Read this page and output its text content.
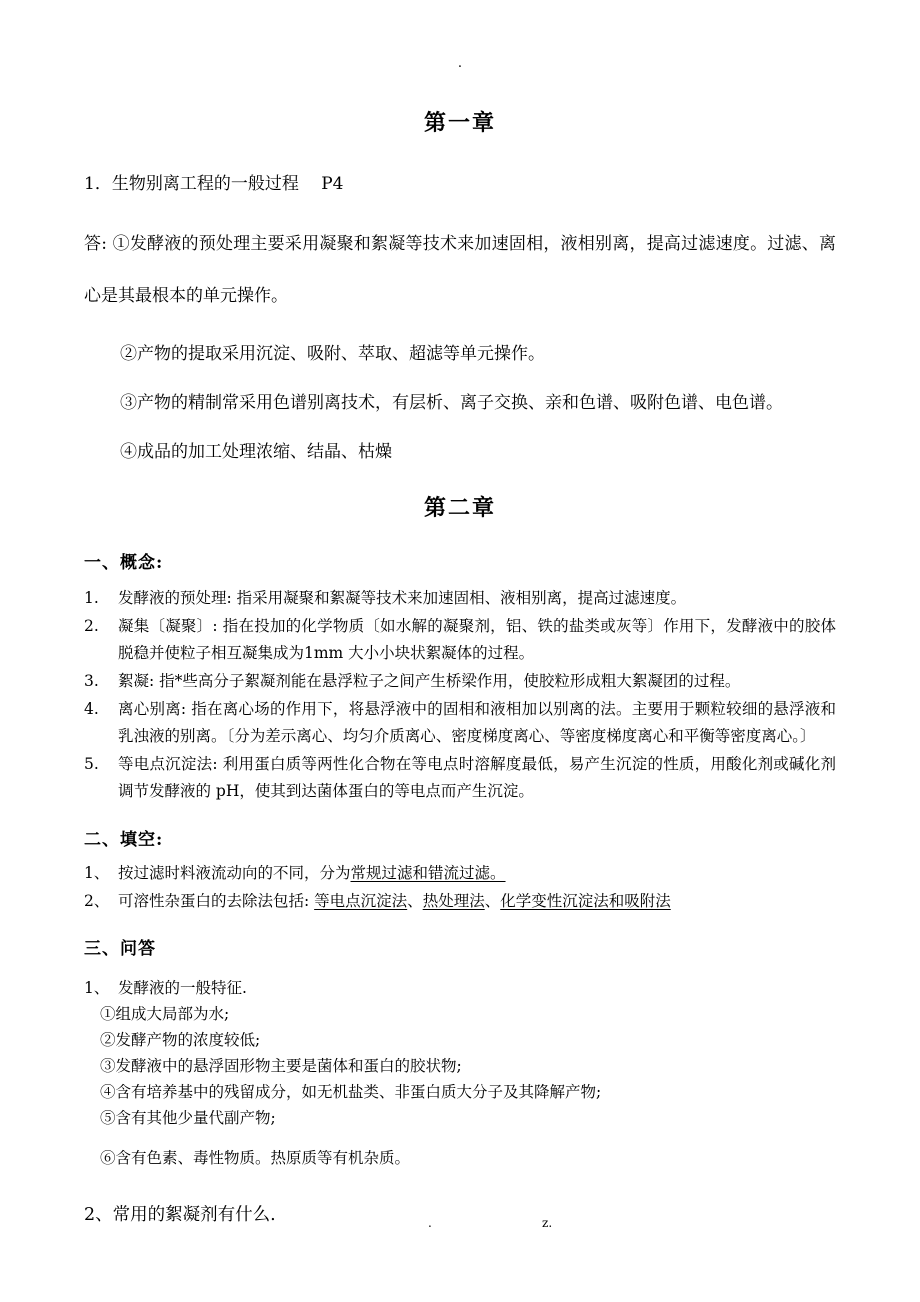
.
第一章
1．生物别离工程的一般过程　 P4
答: ①发酵液的预处理主要采用凝聚和絮凝等技术来加速固相，液相别离，提高过滤速度。过滤、离心是其最根本的单元操作。
②产物的提取采用沉淀、吸附、萃取、超滤等单元操作。
③产物的精制常采用色谱别离技术，有层析、离子交换、亲和色谱、吸附色谱、电色谱。
④成品的加工处理浓缩、结晶、枯燥
第二章
一、概念:
1.	发酵液的预处理: 指采用凝聚和絮凝等技术来加速固相、液相别离，提高过滤速度。
2.	凝集〔凝聚〕: 指在投加的化学物质〔如水解的凝聚剂，铝、铁的盐类或灰等〕作用下，发酵液中的胶体脱稳并使粒子相互凝集成为1mm 大小小块状絮凝体的过程。
3.	絮凝: 指*些高分子絮凝剂能在悬浮粒子之间产生桥梁作用，使胶粒形成粗大絮凝团的过程。
4.	离心别离: 指在离心场的作用下，将悬浮液中的固相和液相加以别离的法。主要用于颗粒较细的悬浮液和乳浊液的别离。〔分为差示离心、均匀介质离心、密度梯度离心、等密度梯度离心和平衡等密度离心。〕
5.	等电点沉淀法: 利用蛋白质等两性化合物在等电点时溶解度最低，易产生沉淀的性质，用酸化剂或碱化剂调节发酵液的 pH，使其到达菌体蛋白的等电点而产生沉淀。
二、填空:
1、 按过滤时料液流动向的不同，分为常规过滤和错流过滤。
2、 可溶性杂蛋白的去除法包括: 等电点沉淀法、热处理法、化学变性沉淀法和吸附法
三、问答
1、 发酵液的一般特征.
①组成大局部为水;
②发酵产物的浓度较低;
③发酵液中的悬浮固形物主要是菌体和蛋白的胶状物;
④含有培养基中的残留成分，如无机盐类、非蛋白质大分子及其降解产物;
⑤含有其他少量代副产物;
⑥含有色素、毒性物质。热原质等有机杂质。
2、常用的絮凝剂有什么.	.	z.
